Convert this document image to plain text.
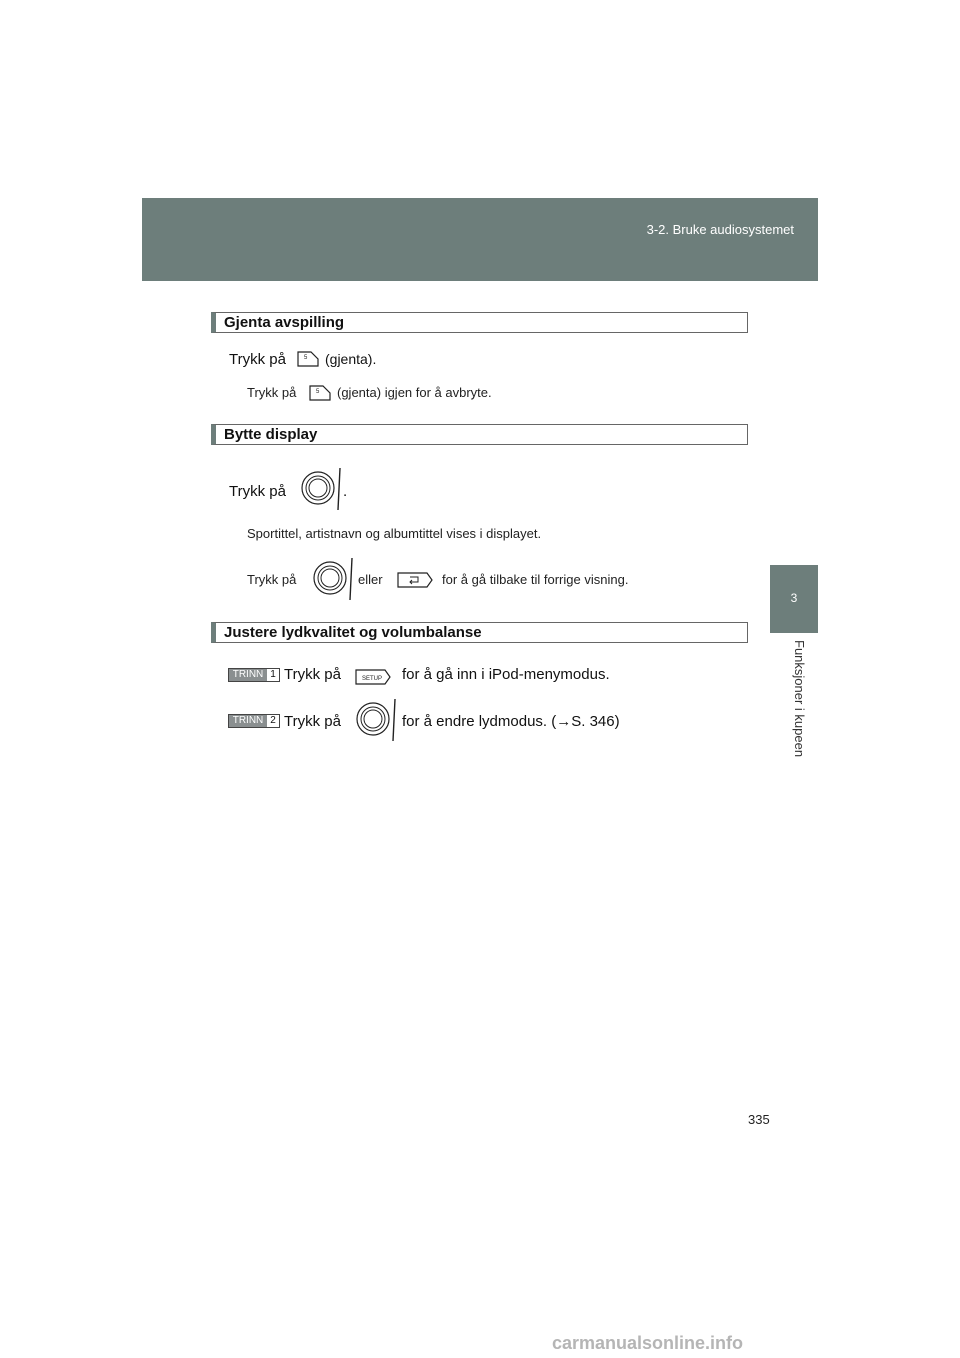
3-2. Bruke audiosystemet
3
Funksjoner i kupeen
Gjenta avspilling
Trykk på	5 (gjenta).
Trykk på	5 (gjenta) igjen for å avbryte.
Bytte display
Trykk på	.
Sportittel, artistnavn og albumtittel vises i displayet.
Trykk på	eller	for å gå tilbake til forrige visning.
Justere lydkvalitet og volumbalanse
TRINN 1 Trykk på	SETUP for å gå inn i iPod-menymodus.
TRINN 2 Trykk på	for å endre lydmodus. (→S. 346)
335
carmanualsonline.info
